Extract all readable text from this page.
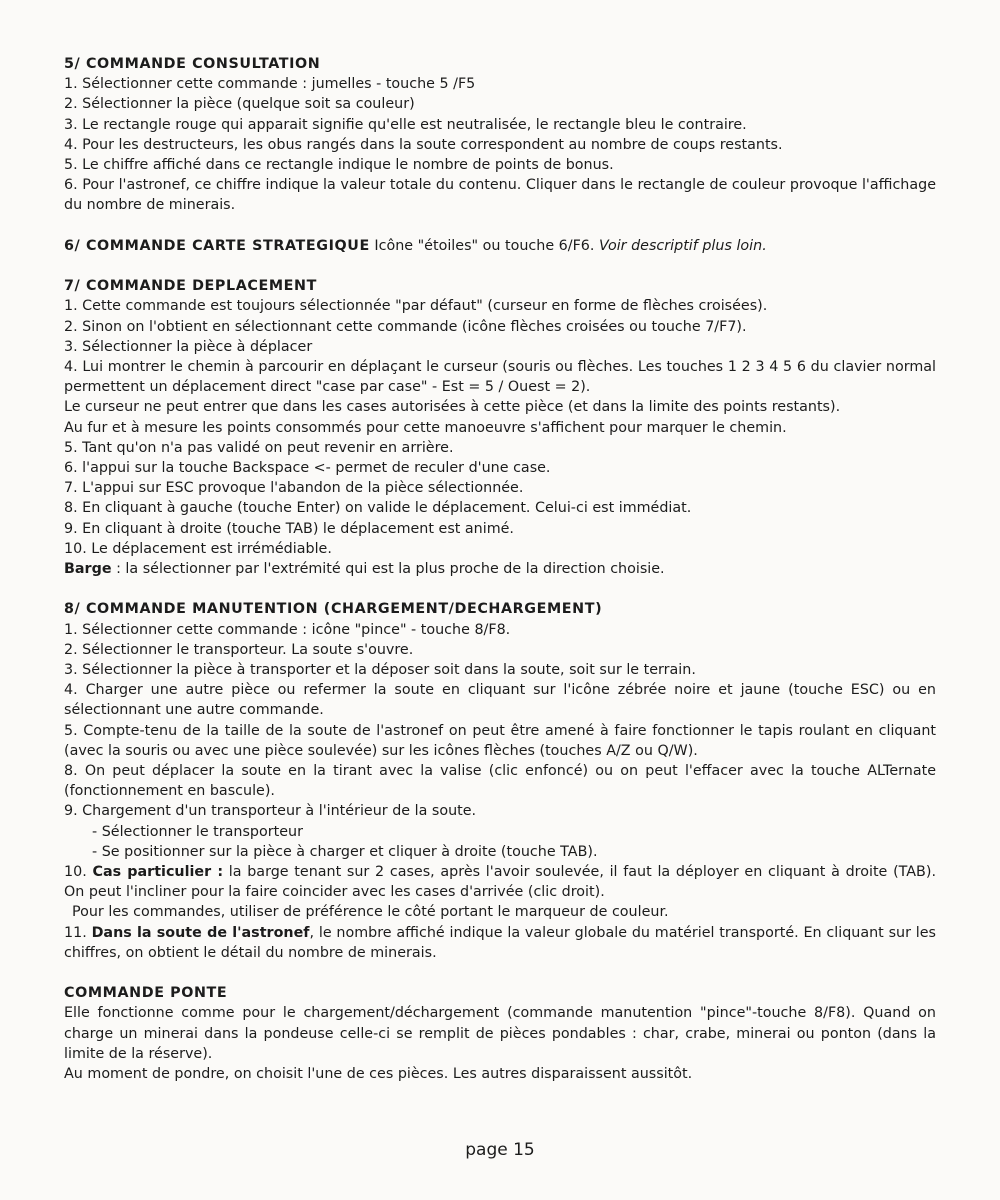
5/ COMMANDE CONSULTATION

1. Sélectionner cette commande : jumelles - touche 5 /F5

2. Sélectionner la pièce (quelque soit sa couleur)

3. Le rectangle rouge qui apparait signifie qu'elle est neutralisée, le rectangle bleu le contraire.

4. Pour les destructeurs, les obus rangés dans la soute correspondent au nombre de coups restants.

5. Le chiffre affiché dans ce rectangle indique le nombre de points de bonus.

6. Pour l'astronef, ce chiffre indique la valeur totale du contenu. Cliquer dans le rectangle de couleur provoque l'affichage du nombre de minerais.

6/ COMMANDE CARTE STRATEGIQUE Icône "étoiles" ou touche 6/F6. Voir descriptif plus loin.

7/ COMMANDE DEPLACEMENT

1. Cette commande est toujours sélectionnée "par défaut" (curseur en forme de flèches croisées).

2. Sinon on l'obtient en sélectionnant cette commande (icône flèches croisées ou touche 7/F7).

3. Sélectionner la pièce à déplacer

4. Lui montrer le chemin à parcourir en déplaçant le curseur (souris ou flèches. Les touches 1 2 3 4 5 6 du clavier normal permettent un déplacement direct "case par case" - Est = 5 / Ouest = 2).

Le curseur ne peut entrer que dans les cases autorisées à cette pièce (et dans la limite des points restants).

Au fur et à mesure les points consommés pour cette manoeuvre s'affichent pour marquer le chemin.

5. Tant qu'on n'a pas validé on peut revenir en arrière.

6. l'appui sur la touche Backspace <- permet de reculer d'une case.

7. L'appui sur ESC provoque l'abandon de la pièce sélectionnée.

8. En cliquant à gauche (touche Enter) on valide le déplacement. Celui-ci est immédiat.

9. En cliquant à droite (touche TAB) le déplacement est animé.

10. Le déplacement est irrémédiable.

Barge : la sélectionner par l'extrémité qui est la plus proche de la direction choisie.

8/ COMMANDE MANUTENTION (CHARGEMENT/DECHARGEMENT)

1. Sélectionner cette commande : icône "pince" - touche 8/F8.

2. Sélectionner le transporteur. La soute s'ouvre.

3. Sélectionner la pièce à transporter et la déposer soit dans la soute, soit sur le terrain.

4. Charger une autre pièce ou refermer la soute en cliquant sur l'icône zébrée noire et jaune (touche ESC) ou en sélectionnant une autre commande.

5. Compte-tenu de la taille de la soute de l'astronef on peut être amené à faire fonctionner le tapis roulant en cliquant (avec la souris ou avec une pièce soulevée) sur les icônes flèches (touches A/Z ou Q/W).

8. On peut déplacer la soute en la tirant avec la valise (clic enfoncé) ou on peut l'effacer avec la touche ALTernate (fonctionnement en bascule).

9. Chargement d'un transporteur à l'intérieur de la soute.

- Sélectionner le transporteur

- Se positionner sur la pièce à charger et cliquer à droite (touche TAB).

10. Cas particulier : la barge tenant sur 2 cases, après l'avoir soulevée, il faut la déployer en cliquant à droite (TAB). On peut l'incliner pour la faire coincider avec les cases d'arrivée (clic droit).

Pour les commandes, utiliser de préférence le côté portant le marqueur de couleur.

11. Dans la soute de l'astronef, le nombre affiché indique la valeur globale du matériel transporté. En cliquant sur les chiffres, on obtient le détail du nombre de minerais.

COMMANDE PONTE

Elle fonctionne comme pour le chargement/déchargement (commande manutention "pince"-touche 8/F8). Quand on charge un minerai dans la pondeuse celle-ci se remplit de pièces pondables : char, crabe, minerai ou ponton (dans la limite de la réserve).

Au moment de pondre, on choisit l'une de ces pièces. Les autres disparaissent aussitôt.

page 15
